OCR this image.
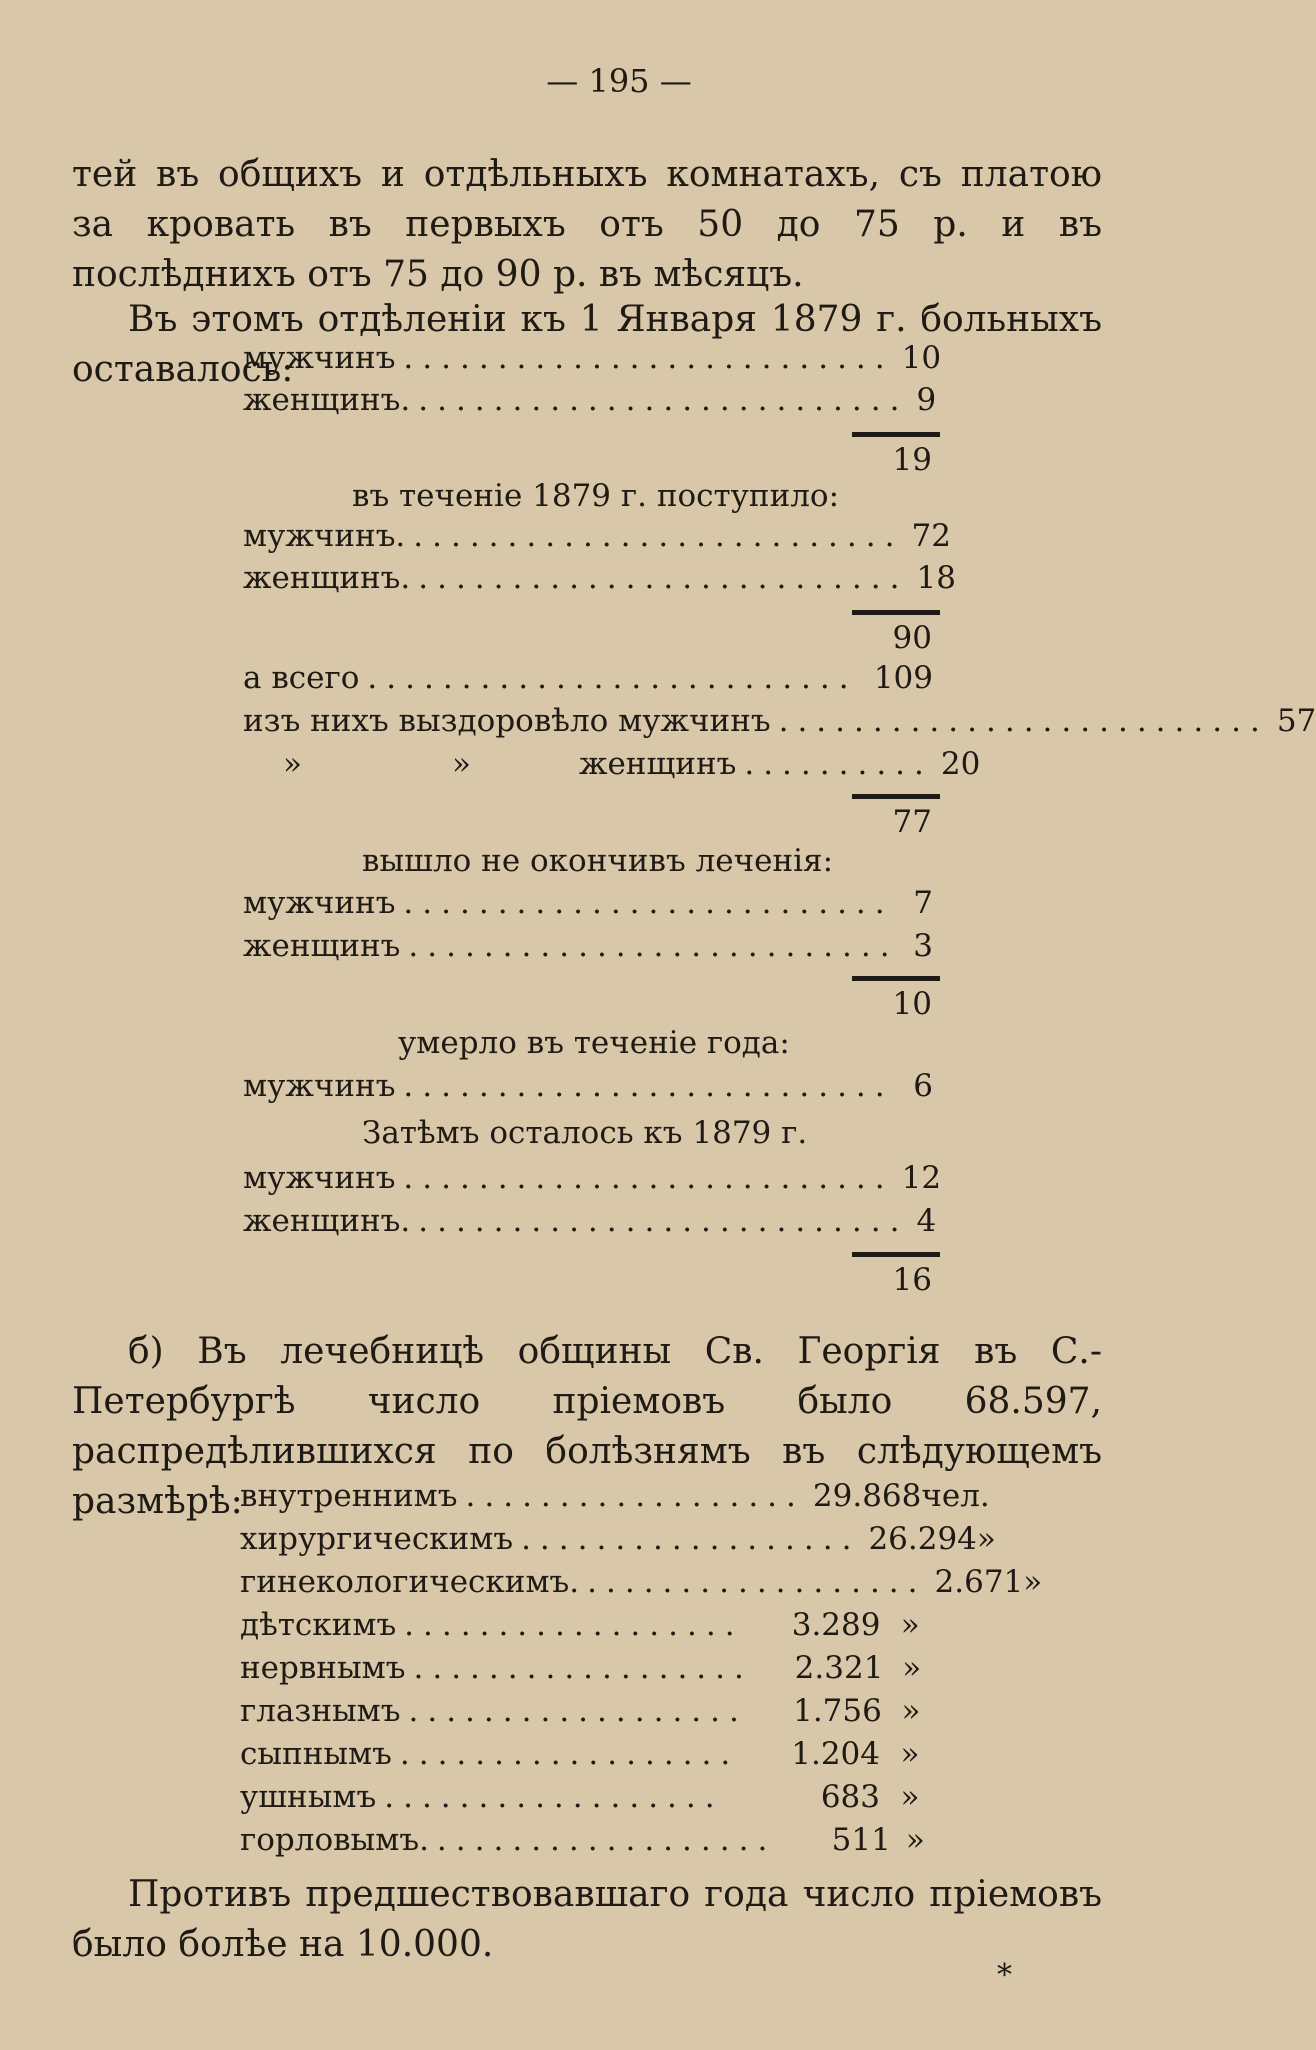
— 195 —
тей въ общихъ и отдѣльныхъ комнатахъ, съ платою за кровать въ первыхъ отъ 50 до 75 р. и въ послѣднихъ отъ 75 до 90 р. въ мѣсяцъ.
Въ этомъ отдѣленіи къ 1 Января 1879 г. больныхъ оставалось:
мужчинъ .......................... 10
женщинъ. .......................... 9
19
въ теченіе 1879 г. поступило:
мужчинъ. .......................... 72
женщинъ. .......................... 18
90
а всего .......................... 109
изъ нихъ выздоровѣло мужчинъ .......................... 57
»	»	женщинъ .......... 20
77
вышло не окончивъ леченія:
мужчинъ .......................... 7
женщинъ .......................... 3
10
умерло въ теченіе года:
мужчинъ .......................... 6
Затѣмъ осталось къ 1879 г.
мужчинъ .......................... 12
женщинъ. .......................... 4
16
б) Въ лечебницѣ общины Св. Георгія въ С.-Петербургѣ число пріемовъ было 68.597, распредѣлившихся по болѣзнямъ въ слѣдующемъ размѣрѣ:
внутреннимъ .................. 29.868 чел.
хирургическимъ .................. 26.294 »
гинекологическимъ. .................. 2.671 »
дѣтскимъ ..................	3.289 »
нервнымъ ..................	2.321 »
глазнымъ ..................	1.756 »
сыпнымъ ..................	1.204 »
ушнымъ ..................	683 »
горловымъ. ..................	511 »
Противъ предшествовавшаго года число пріемовъ было болѣе на 10.000.
*
